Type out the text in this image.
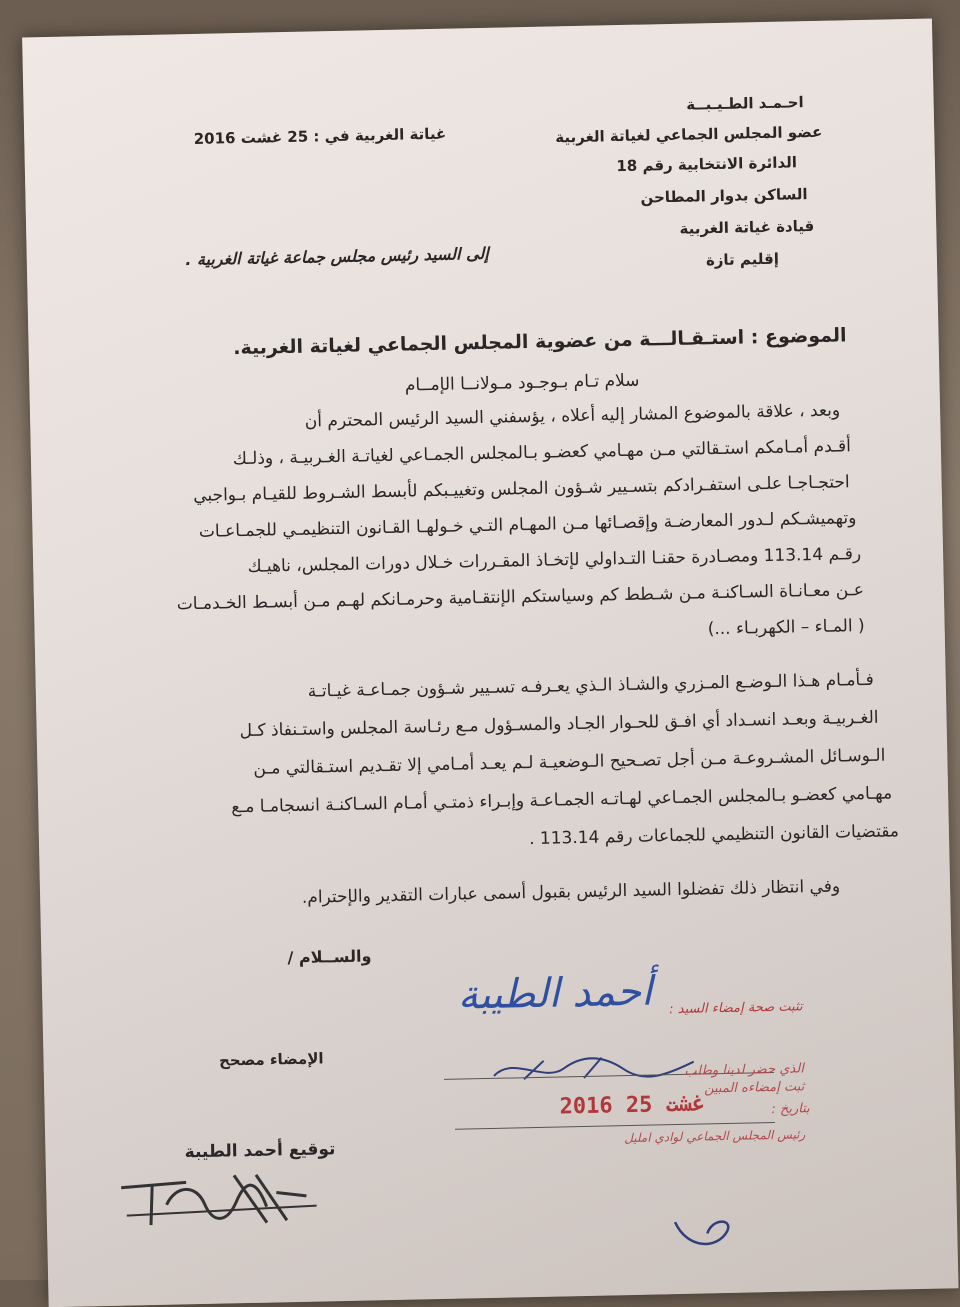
احـمـد الطـيـبــة
عضو المجلس الجماعي لغياتة الغربية
الدائرة الانتخابية رقم 18
الساكن بدوار المطاحن
قيادة غياتة الغربية
إقليم تازة
غياتة الغربية في : 25 غشت 2016
إلى السيد رئيس مجلس جماعة غياتة الغربية .
الموضوع : استـقـالـــة من عضوية المجلس الجماعي لغياتة الغربية.
سلام تـام بـوجـود مـولانــا الإمــام
وبعد ، علاقة بالموضوع المشار إليه أعلاه ، يؤسفني السيد الرئيس المحترم أن
أقـدم أمـامكم استـقالتي مـن مهـامي كعضـو بـالمجلس الجمـاعي لغياتـة الغـربيـة ، وذلـك
احتجـاجـا علـى استفـرادكم بتسـيير شـؤون المجلس وتغييـبكم لأبسط الشـروط للقيـام بـواجبي
وتهميشـكم لـدور المعارضـة وإقصـائها مـن المهـام التـي خـولهـا القـانون التنظيمـي للجمـاعـات
رقـم 113.14 ومصـادرة حقنـا التـداولي لإتخـاذ المقـررات خـلال دورات المجلس، ناهيـك
عـن معـانـاة السـاكنـة مـن شـطط كم وسياستكم الإنتقـامية وحرمـانكم لهـم مـن أبسـط الخـدمـات
( المـاء – الكهربـاء ...)
فـأمـام هـذا الـوضـع المـزري والشـاذ الـذي يعـرفـه تسـيير شـؤون جمـاعـة غيـاتـة
الغـربيـة وبعـد انسـداد أي افـق للحـوار الجـاد والمسـؤول مـع رئـاسة المجلس واستـنفاذ كـل
الـوسـائل المشـروعـة مـن أجل تصـحيح الـوضعيـة لـم يعـد أمـامي إلا تقـديم استـقالتي مـن
مهـامي كعضـو بـالمجلس الجمـاعي لهـاتـه الجمـاعـة وإبـراء ذمتـي أمـام السـاكنـة انسجامـا مـع
مقتضيات القانون التنظيمي للجماعات رقم 113.14 .
وفي انتظار ذلك تفضلوا السيد الرئيس بقبول أسمى عبارات التقدير والإحترام.
والســلام /
تثبت صحة إمضاء السيد :
أحمد الطيبة
الإمضاء مصحح
الذي حضر لدينا وطلب
ثبت إمضاءه المبين
2016 غشت 25	بتاريخ :
رئيس المجلس الجماعي لوادي امليل
توقيع أحمد الطيبة
